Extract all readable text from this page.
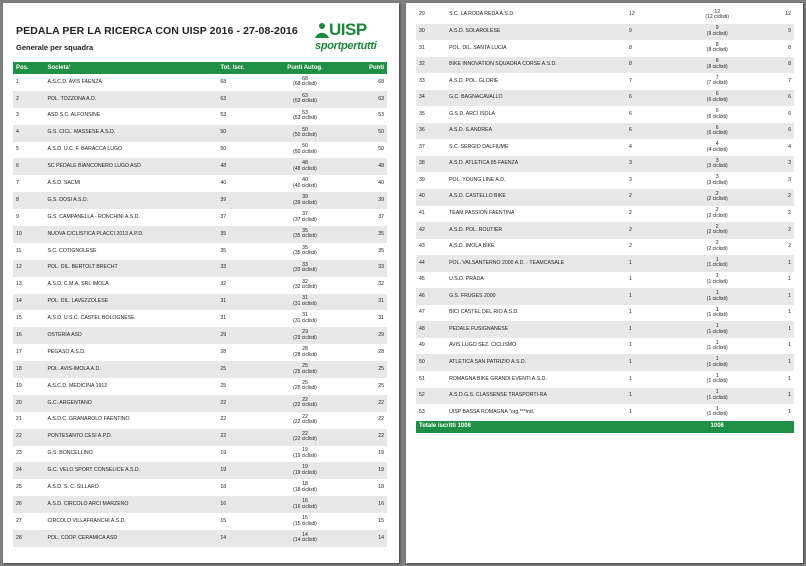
PEDALA PER LA RICERCA CON UISP 2016 - 27-08-2016
Generale per squadra
UISP
sportpertutti
Pos.	Societa'	Tot. Iscr.	Punti Autog.	Punti
1	A.S.C.D. AVIS FAENZA	68	68
(68 ciclisti)	68
2	POL. TOZZONA A.D.	63	63
(63 ciclisti)	63
3	ASD S.C. ALFONSINE	53	53
(53 ciclisti)	53
4	G.S. CICL. MASSESE A.S.D.	50	50
(50 ciclisti)	50
5	A.S.D. U.C. F. BARACCA LUGO	50	50
(50 ciclisti)	50
6	SC PEDALE BIANCONERO LUGO ASD	48	48
(48 ciclisti)	48
7	A.S.D. SACMI	40	40
(40 ciclisti)	40
8	G.S. DOSI A.S.D.	39	39
(39 ciclisti)	39
9	G.S. CAMPANELLA - RONCHINI A.S.D.	37	37
(37 ciclisti)	37
10	NUOVA CICLISTICA PLACCI 2013 A.P.D.	35	35
(35 ciclisti)	35
11	S.C. COTIGNOLESE	35	35
(35 ciclisti)	35
12	POL. DIL. BERTOLT BRECHT	33	33
(33 ciclisti)	33
13	A.S.D. C.M.A. SRL IMOLA	32	32
(32 ciclisti)	32
14	POL. DIL. LAVEZZOLESE	31	31
(31 ciclisti)	31
15	A.S.D. U.S.C. CASTEL BOLOGNESE	31	31
(31 ciclisti)	31
16	OSTERIA ASD	29	29
(29 ciclisti)	29
17	PEGASO A.S.D.	28	28
(28 ciclisti)	28
18	POL. AVIS-IMOLA A.D.	25	25
(25 ciclisti)	25
19	A.S.C.D. MEDICINA 1912	25	25
(25 ciclisti)	25
20	G.C. ARGENTANO	22	22
(22 ciclisti)	22
21	A.S.D.C. GRANAROLO FAENTINO	22	22
(22 ciclisti)	22
22	PONTESANTO CESI A.P.D.	22	22
(22 ciclisti)	22
23	G.S. BONCELLINO	19	19
(19 ciclisti)	19
24	G.C. VELO SPORT CONSELICE A.S.D.	19	19
(19 ciclisti)	19
25	A.S.D. S. C. SILLARO	18	18
(18 ciclisti)	18
26	A.S.D. CIRCOLO ARCI MARZENO	16	16
(16 ciclisti)	16
27	CIRCOLO VILLAFRANCHI A.S.D.	15	15
(15 ciclisti)	15
28	POL. COOP. CERAMICA ASD	14	14
(14 ciclisti)	14
29	S.C. LA RODA REDA A.S.D.	12	12
(12 ciclisti)	12
30	A.S.D. SOLAROLESE	9	9
(9 ciclisti)	9
31	POL. DIL. SANTA LUCIA	8	8
(8 ciclisti)	8
32	BIKE INNOVATION SQUADRA CORSE A.S.D.	8	8
(8 ciclisti)	8
33	A.S.D. POL. GLORIE	7	7
(7 ciclisti)	7
34	G.C. BAGNACAVALLO	6	6
(6 ciclisti)	6
35	G.S.D. ARCI ISOLA	6	6
(6 ciclisti)	6
36	A.S.D. S.ANDREA	6	6
(6 ciclisti)	6
37	S.C. SERGIO DALFIUME	4	4
(4 ciclisti)	4
38	A.S.D. ATLETICA 85 FAENZA	3	3
(3 ciclisti)	3
39	POL. YOUNG LINE A.D.	3	3
(3 ciclisti)	3
40	A.S.D. CASTELLO BIKE	2	2
(2 ciclisti)	2
41	TEAM PASSION FAENTINA	2	2
(2 ciclisti)	2
42	A.S.D. POL. ROUTIER	2	2
(2 ciclisti)	2
43	A.S.D. IMOLA BIKE	2	2
(2 ciclisti)	2
44	POL. VALSANTERNO 2000 A.D. - TEAMCASALE	1	1
(1 ciclisti)	1
45	U.S.D. PRADA	1	1
(1 ciclisti)	1
46	G.S. FRUGES 2000	1	1
(1 ciclisti)	1
47	BICI CASTEL DEL RIO A.S.D.	1	1
(1 ciclisti)	1
48	PEDALE FUSIGNANESE	1	1
(1 ciclisti)	1
49	AVIS LUGO SEZ. CICLISMO	1	1
(1 ciclisti)	1
50	ATLETICA SAN PATRIZIO A.S.D.	1	1
(1 ciclisti)	1
51	ROMAGNA BIKE GRANDI EVENTI A.S.D.	1	1
(1 ciclisti)	1
52	A.S.D.G.S. CLASSENSE TRASPORTI-RA	1	1
(1 ciclisti)	1
53	UISP BASSA ROMAGNA "org.***ind.	1	1
(1 ciclisti)	1
Totale iscritti 1006			1006	
